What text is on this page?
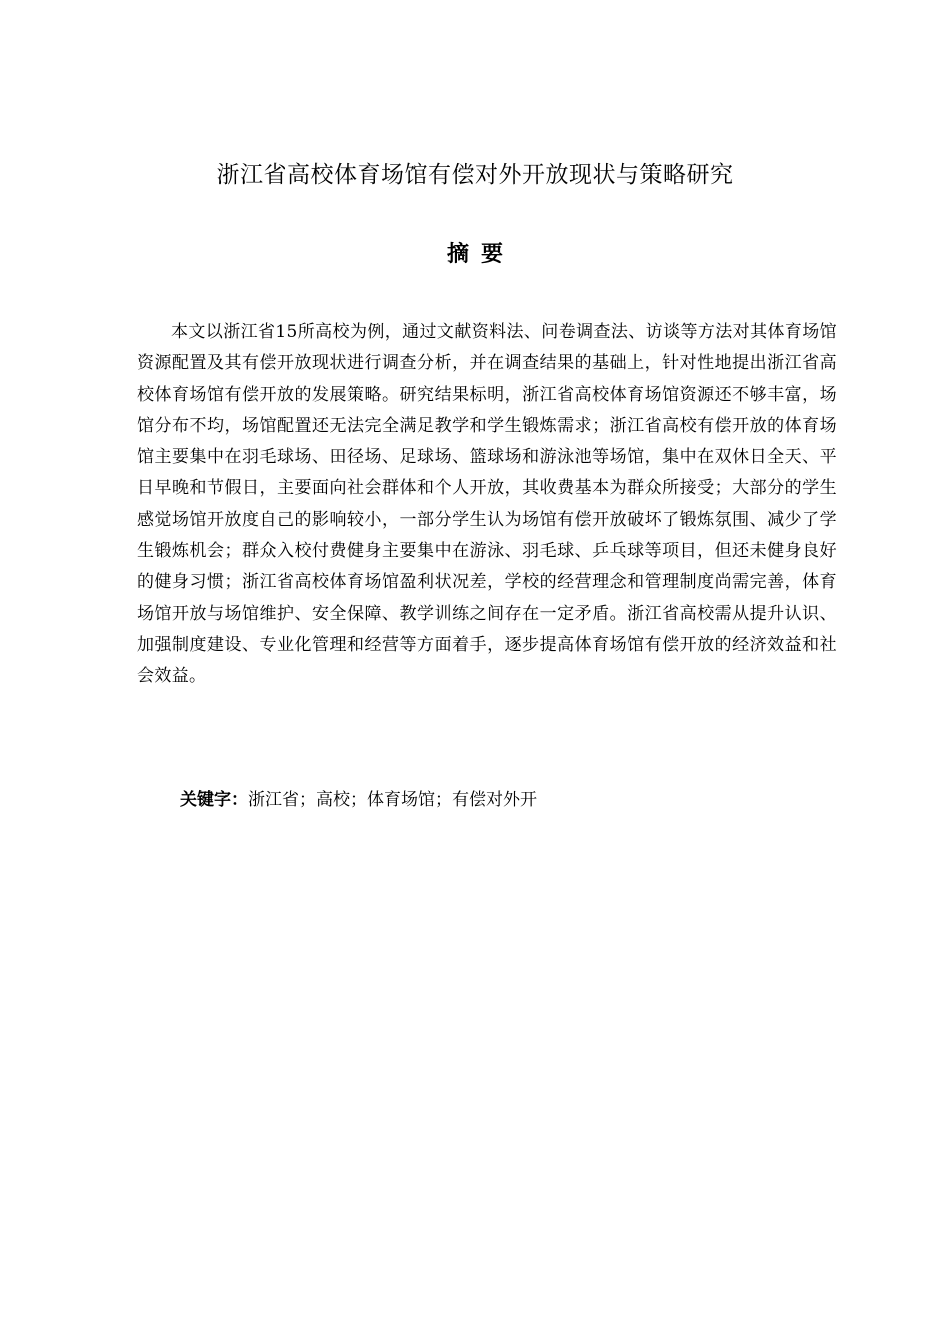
浙江省高校体育场馆有偿对外开放现状与策略研究
摘 要

本文以浙江省15所高校为例，通过文献资料法、问卷调查法、访谈等方法对其体育场馆资源配置及其有偿开放现状进行调查分析，并在调查结果的基础上，针对性地提出浙江省高校体育场馆有偿开放的发展策略。研究结果标明，浙江省高校体育场馆资源还不够丰富，场馆分布不均，场馆配置还无法完全满足教学和学生锻炼需求；浙江省高校有偿开放的体育场馆主要集中在羽毛球场、田径场、足球场、篮球场和游泳池等场馆，集中在双休日全天、平日早晚和节假日，主要面向社会群体和个人开放，其收费基本为群众所接受；大部分的学生感觉场馆开放度自己的影响较小，一部分学生认为场馆有偿开放破坏了锻炼氛围、减少了学生锻炼机会；群众入校付费健身主要集中在游泳、羽毛球、乒乓球等项目，但还未健身良好的健身习惯；浙江省高校体育场馆盈利状况差，学校的经营理念和管理制度尚需完善，体育场馆开放与场馆维护、安全保障、教学训练之间存在一定矛盾。浙江省高校需从提升认识、加强制度建设、专业化管理和经营等方面着手，逐步提高体育场馆有偿开放的经济效益和社会效益。

关键字：浙江省；高校；体育场馆；有偿对外开
